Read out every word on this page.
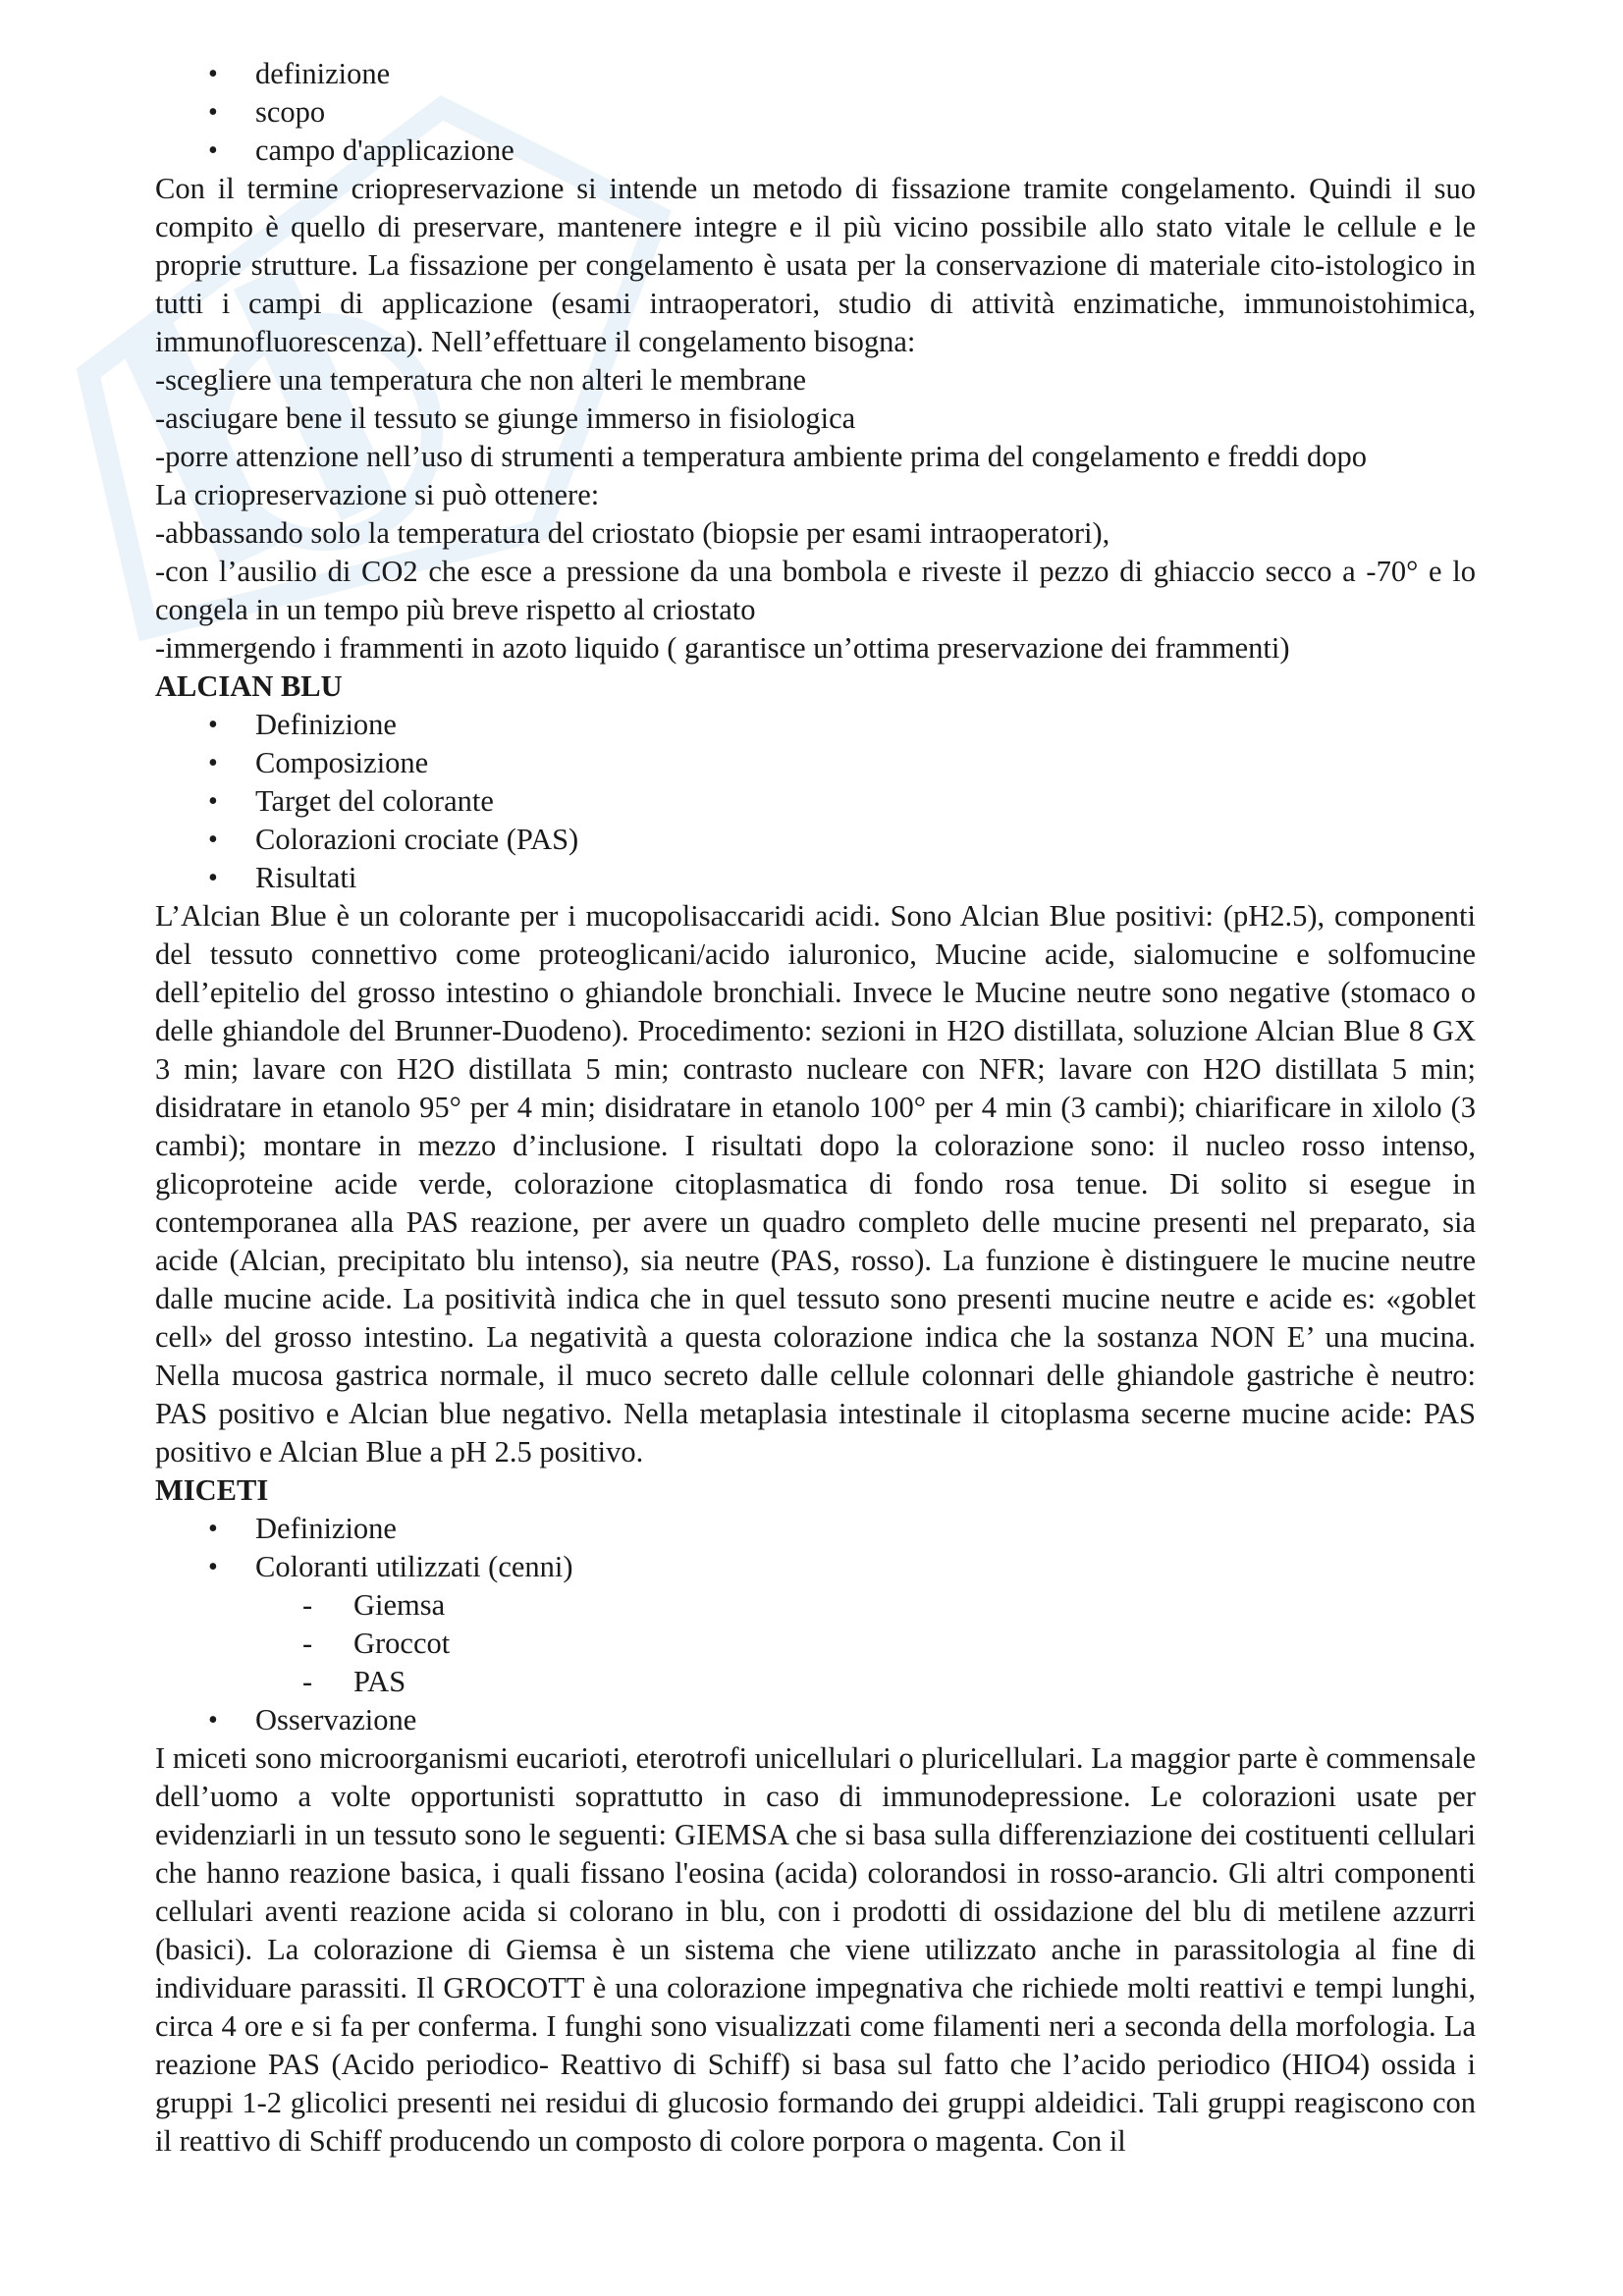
• definizione
• scopo
• campo d'applicazione

Con il termine criopreservazione si intende un metodo di fissazione tramite congelamento. Quindi il suo compito è quello di preservare, mantenere integre e il più vicino possibile allo stato vitale le cellule e le proprie strutture. La fissazione per congelamento è usata per la conservazione di materiale cito-istologico in tutti i campi di applicazione (esami intraoperatori, studio di attività enzimatiche, immunoistohimica, immunofluorescenza). Nell’effettuare il congelamento bisogna:

-scegliere una temperatura che non alteri le membrane

-asciugare bene il tessuto se giunge immerso in fisiologica

-porre attenzione nell’uso di strumenti a temperatura ambiente prima del congelamento e freddi dopo

La criopreservazione si può ottenere:

-abbassando solo la temperatura del criostato (biopsie per esami intraoperatori),

-con l’ausilio di CO2 che esce a pressione da una bombola e riveste il pezzo di ghiaccio secco a -70° e lo congela in un tempo più breve rispetto al criostato

-immergendo i frammenti in azoto liquido ( garantisce un’ottima preservazione dei frammenti)

ALCIAN BLU
• Definizione
• Composizione
• Target del colorante
• Colorazioni crociate (PAS)
• Risultati

L’Alcian Blue è un colorante per i mucopolisaccaridi acidi. Sono Alcian Blue positivi: (pH2.5), componenti del tessuto connettivo come proteoglicani/acido ialuronico, Mucine acide, sialomucine e solfomucine dell’epitelio del grosso intestino o ghiandole bronchiali. Invece le Mucine neutre sono negative (stomaco o delle ghiandole del Brunner-Duodeno). Procedimento: sezioni in H2O distillata, soluzione Alcian Blue 8 GX 3 min; lavare con H2O distillata 5 min; contrasto nucleare con NFR; lavare con H2O distillata 5 min; disidratare in etanolo 95° per 4 min; disidratare in etanolo 100° per 4 min (3 cambi); chiarificare in xilolo (3 cambi); montare in mezzo d’inclusione. I risultati dopo la colorazione sono: il nucleo rosso intenso, glicoproteine acide verde, colorazione citoplasmatica di fondo rosa tenue. Di solito si esegue in contemporanea alla PAS reazione, per avere un quadro completo delle mucine presenti nel preparato, sia acide (Alcian, precipitato blu intenso), sia neutre (PAS, rosso). La funzione è distinguere le mucine neutre dalle mucine acide. La positività indica che in quel tessuto sono presenti mucine neutre e acide es: «goblet cell» del grosso intestino. La negatività a questa colorazione indica che la sostanza NON E’ una mucina. Nella mucosa gastrica normale, il muco secreto dalle cellule colonnari delle ghiandole gastriche è neutro: PAS positivo e Alcian blue negativo. Nella metaplasia intestinale il citoplasma secerne mucine acide: PAS positivo e Alcian Blue a pH 2.5 positivo.

MICETI
• Definizione
• Coloranti utilizzati (cenni)
- Giemsa
- Groccot
- PAS
• Osservazione

I miceti sono microorganismi eucarioti, eterotrofi unicellulari o pluricellulari. La maggior parte è commensale dell’uomo a volte opportunisti soprattutto in caso di immunodepressione. Le colorazioni usate per evidenziarli in un tessuto sono le seguenti: GIEMSA che si basa sulla differenziazione dei costituenti cellulari che hanno reazione basica, i quali fissano l'eosina (acida) colorandosi in rosso-arancio. Gli altri componenti cellulari aventi reazione acida si colorano in blu, con i prodotti di ossidazione del blu di metilene azzurri (basici). La colorazione di Giemsa è un sistema che viene utilizzato anche in parassitologia al fine di individuare parassiti. Il GROCOTT è una colorazione impegnativa che richiede molti reattivi e tempi lunghi, circa 4 ore e si fa per conferma. I funghi sono visualizzati come filamenti neri a seconda della morfologia. La reazione PAS (Acido periodico- Reattivo di Schiff) si basa sul fatto che l’acido periodico (HIO4) ossida i gruppi 1-2 glicolici presenti nei residui di glucosio formando dei gruppi aldeidici. Tali gruppi reagiscono con il reattivo di Schiff producendo un composto di colore porpora o magenta. Con il
